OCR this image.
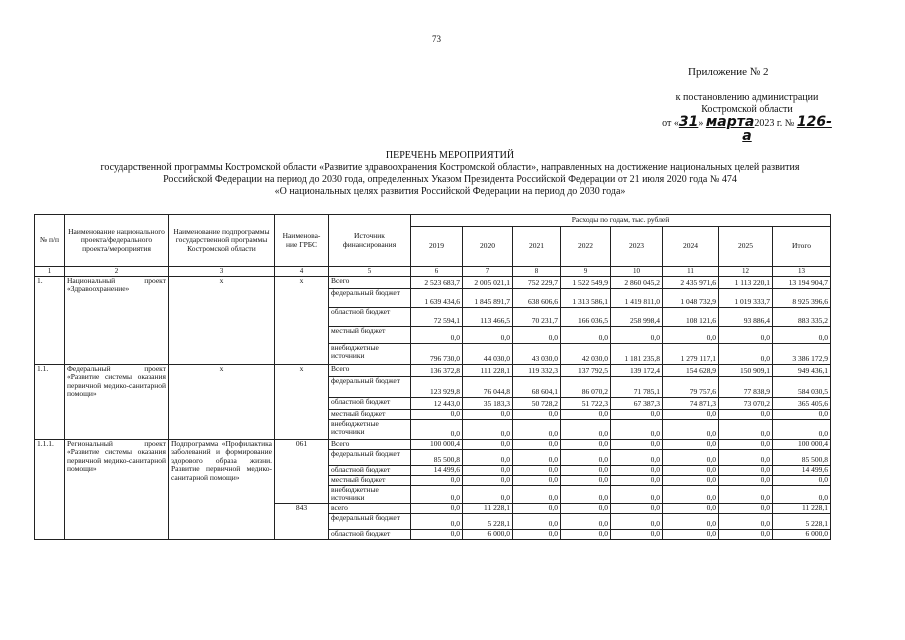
73
Приложение № 2
к постановлению администрации
Костромской области
от «31» марта2023 г. № 126-а
ПЕРЕЧЕНЬ МЕРОПРИЯТИЙ
государственной программы Костромской области «Развитие здравоохранения Костромской области», направленных на достижение национальных целей развития
Российской Федерации на период до 2030 года, определенных Указом Президента Российской Федерации от 21 июля 2020 года № 474
«О национальных целях развития Российской Федерации на период до 2030 года»
№ п/п	Наименование национального проекта/федерального проекта/мероприятия	Наименование подпрограммы государственной программы Костромской области	Наименова-ние ГРБС	Источник финансирования	Расходы по годам, тыс. рублей							
					2019	2020	2021	2022	2023	2024	2025	Итого
1	2	3	4	5	6	7	8	9	10	11	12	13
1.	Национальный проект «Здравоохранение»	х	х	Всего	2 523 683,7	2 005 021,1	752 229,7	1 522 549,9	2 860 045,2	2 435 971,6	1 113 220,1	13 194 904,7
				федеральный бюджет	1 639 434,6	1 845 891,7	638 606,6	1 313 586,1	1 419 811,0	1 048 732,9	1 019 333,7	8 925 396,6
				областной бюджет	72 594,1	113 466,5	70 231,7	166 036,5	258 998,4	108 121,6	93 886,4	883 335,2
				местный бюджет	0,0	0,0	0,0	0,0	0,0	0,0	0,0	0,0
				внебюджетные источники	796 730,0	44 030,0	43 030,0	42 030,0	1 181 235,8	1 279 117,1	0,0	3 386 172,9
1.1.	Федеральный проект «Развитие системы оказания первичной медико-санитарной помощи»	х	х	Всего	136 372,8	111 228,1	119 332,3	137 792,5	139 172,4	154 628,9	150 909,1	949 436,1
				федеральный бюджет	123 929,8	76 044,8	68 604,1	86 070,2	71 785,1	79 757,6	77 838,9	584 030,5
				областной бюджет	12 443,0	35 183,3	50 728,2	51 722,3	67 387,3	74 871,3	73 070,2	365 405,6
				местный бюджет	0,0	0,0	0,0	0,0	0,0	0,0	0,0	0,0
				внебюджетные источники	0,0	0,0	0,0	0,0	0,0	0,0	0,0	0,0
1.1.1.	Региональный проект «Развитие системы оказания первичной медико-санитарной помощи»	Подпрограмма «Профилактика заболеваний и формирование здорового образа жизни. Развитие первичной медико-санитарной помощи»	061	Всего	100 000,4	0,0	0,0	0,0	0,0	0,0	0,0	100 000,4
				федеральный бюджет	85 500,8	0,0	0,0	0,0	0,0	0,0	0,0	85 500,8
				областной бюджет	14 499,6	0,0	0,0	0,0	0,0	0,0	0,0	14 499,6
				местный бюджет	0,0	0,0	0,0	0,0	0,0	0,0	0,0	0,0
				внебюджетные источники	0,0	0,0	0,0	0,0	0,0	0,0	0,0	0,0
			843	всего	0,0	11 228,1	0,0	0,0	0,0	0,0	0,0	11 228,1
				федеральный бюджет	0,0	5 228,1	0,0	0,0	0,0	0,0	0,0	5 228,1
				областной бюджет	0,0	6 000,0	0,0	0,0	0,0	0,0	0,0	6 000,0
